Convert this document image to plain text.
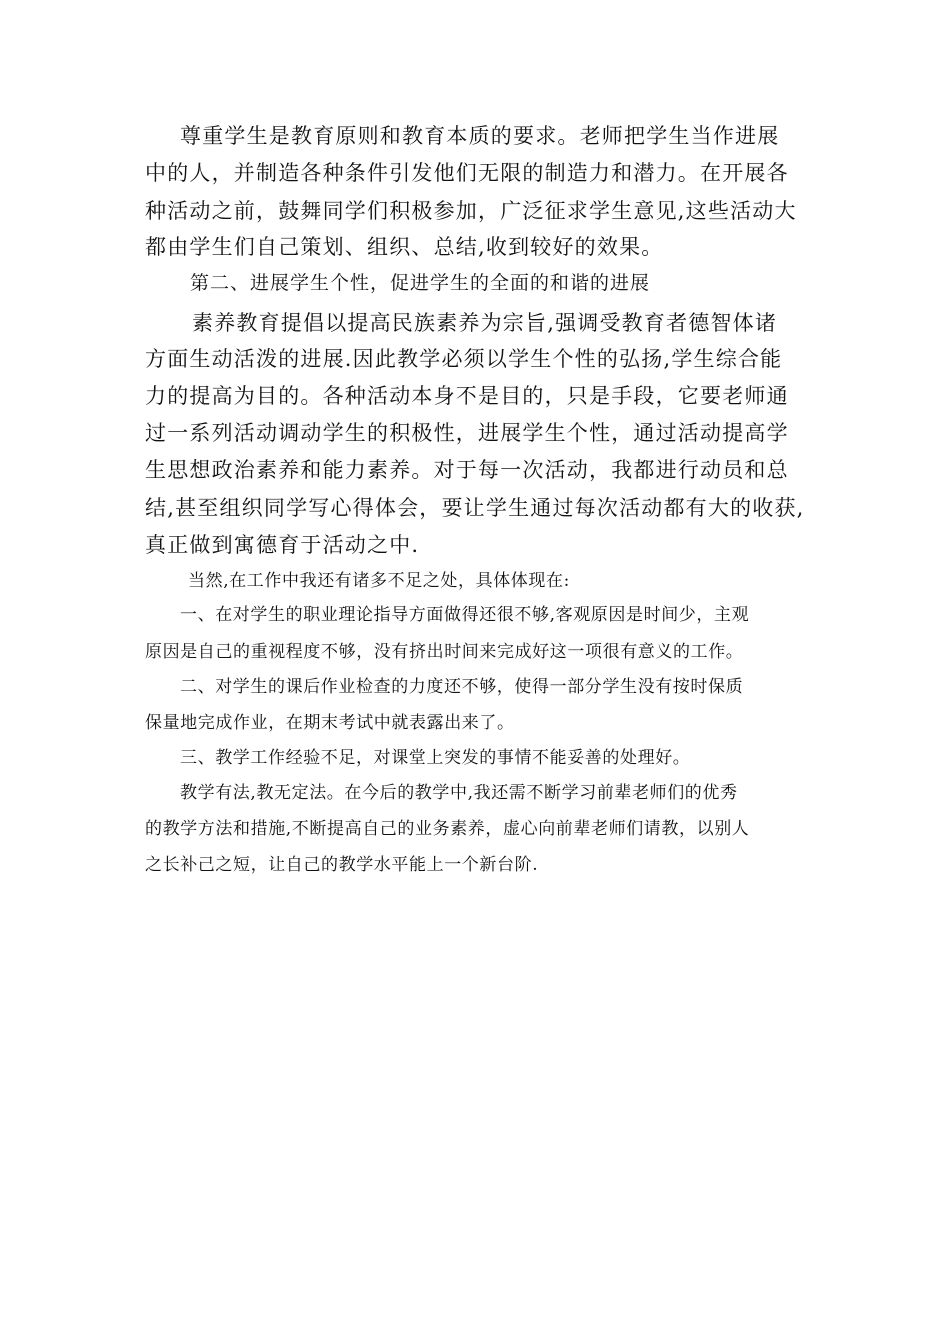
尊重学生是教育原则和教育本质的要求。老师把学生当作进展
中的人，并制造各种条件引发他们无限的制造力和潜力。在开展各
种活动之前，鼓舞同学们积极参加，广泛征求学生意见,这些活动大
都由学生们自己策划、组织、总结,收到较好的效果。
第二、进展学生个性，促进学生的全面的和谐的进展
素养教育提倡以提高民族素养为宗旨,强调受教育者德智体诸
方面生动活泼的进展.因此教学必须以学生个性的弘扬,学生综合能
力的提高为目的。各种活动本身不是目的，只是手段，它要老师通
过一系列活动调动学生的积极性，进展学生个性，通过活动提高学
生思想政治素养和能力素养。对于每一次活动，我都进行动员和总
结,甚至组织同学写心得体会，要让学生通过每次活动都有大的收获,
真正做到寓德育于活动之中.
当然,在工作中我还有诸多不足之处，具体体现在:
一、在对学生的职业理论指导方面做得还很不够,客观原因是时间少，主观
原因是自己的重视程度不够，没有挤出时间来完成好这一项很有意义的工作。
二、对学生的课后作业检查的力度还不够，使得一部分学生没有按时保质
保量地完成作业，在期末考试中就表露出来了。
三、教学工作经验不足，对课堂上突发的事情不能妥善的处理好。
教学有法,教无定法。在今后的教学中,我还需不断学习前辈老师们的优秀
的教学方法和措施,不断提高自己的业务素养，虚心向前辈老师们请教，以别人
之长补己之短，让自己的教学水平能上一个新台阶.
